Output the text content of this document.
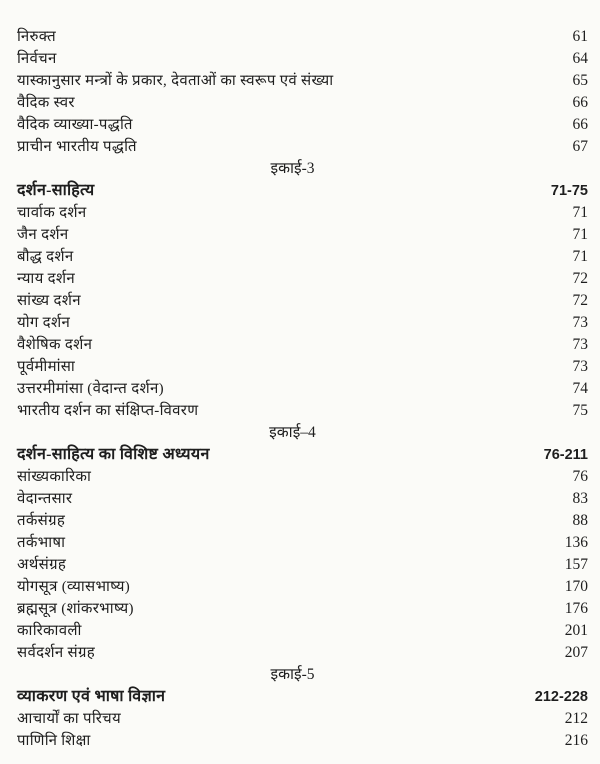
निरुक्त	61
निर्वचन	64
यास्कानुसार मन्त्रों के प्रकार, देवताओं का स्वरूप एवं संख्या	65
वैदिक स्वर	66
वैदिक व्याख्या-पद्धति	66
प्राचीन भारतीय पद्धति	67
इकाई-3
दर्शन-साहित्य	71-75
चार्वाक दर्शन	71
जैन दर्शन	71
बौद्ध दर्शन	71
न्याय दर्शन	72
सांख्य दर्शन	72
योग दर्शन	73
वैशेषिक दर्शन	73
पूर्वमीमांसा	73
उत्तरमीमांसा (वेदान्त दर्शन)	74
भारतीय दर्शन का संक्षिप्त-विवरण	75
इकाई–4
दर्शन-साहित्य का विशिष्ट अध्ययन	76-211
सांख्यकारिका	76
वेदान्तसार	83
तर्कसंग्रह	88
तर्कभाषा	136
अर्थसंग्रह	157
योगसूत्र (व्यासभाष्य)	170
ब्रह्मसूत्र (शांकरभाष्य)	176
कारिकावली	201
सर्वदर्शन संग्रह	207
इकाई-5
व्याकरण एवं भाषा विज्ञान	212-228
आचार्यों का परिचय	212
पाणिनि शिक्षा	216
